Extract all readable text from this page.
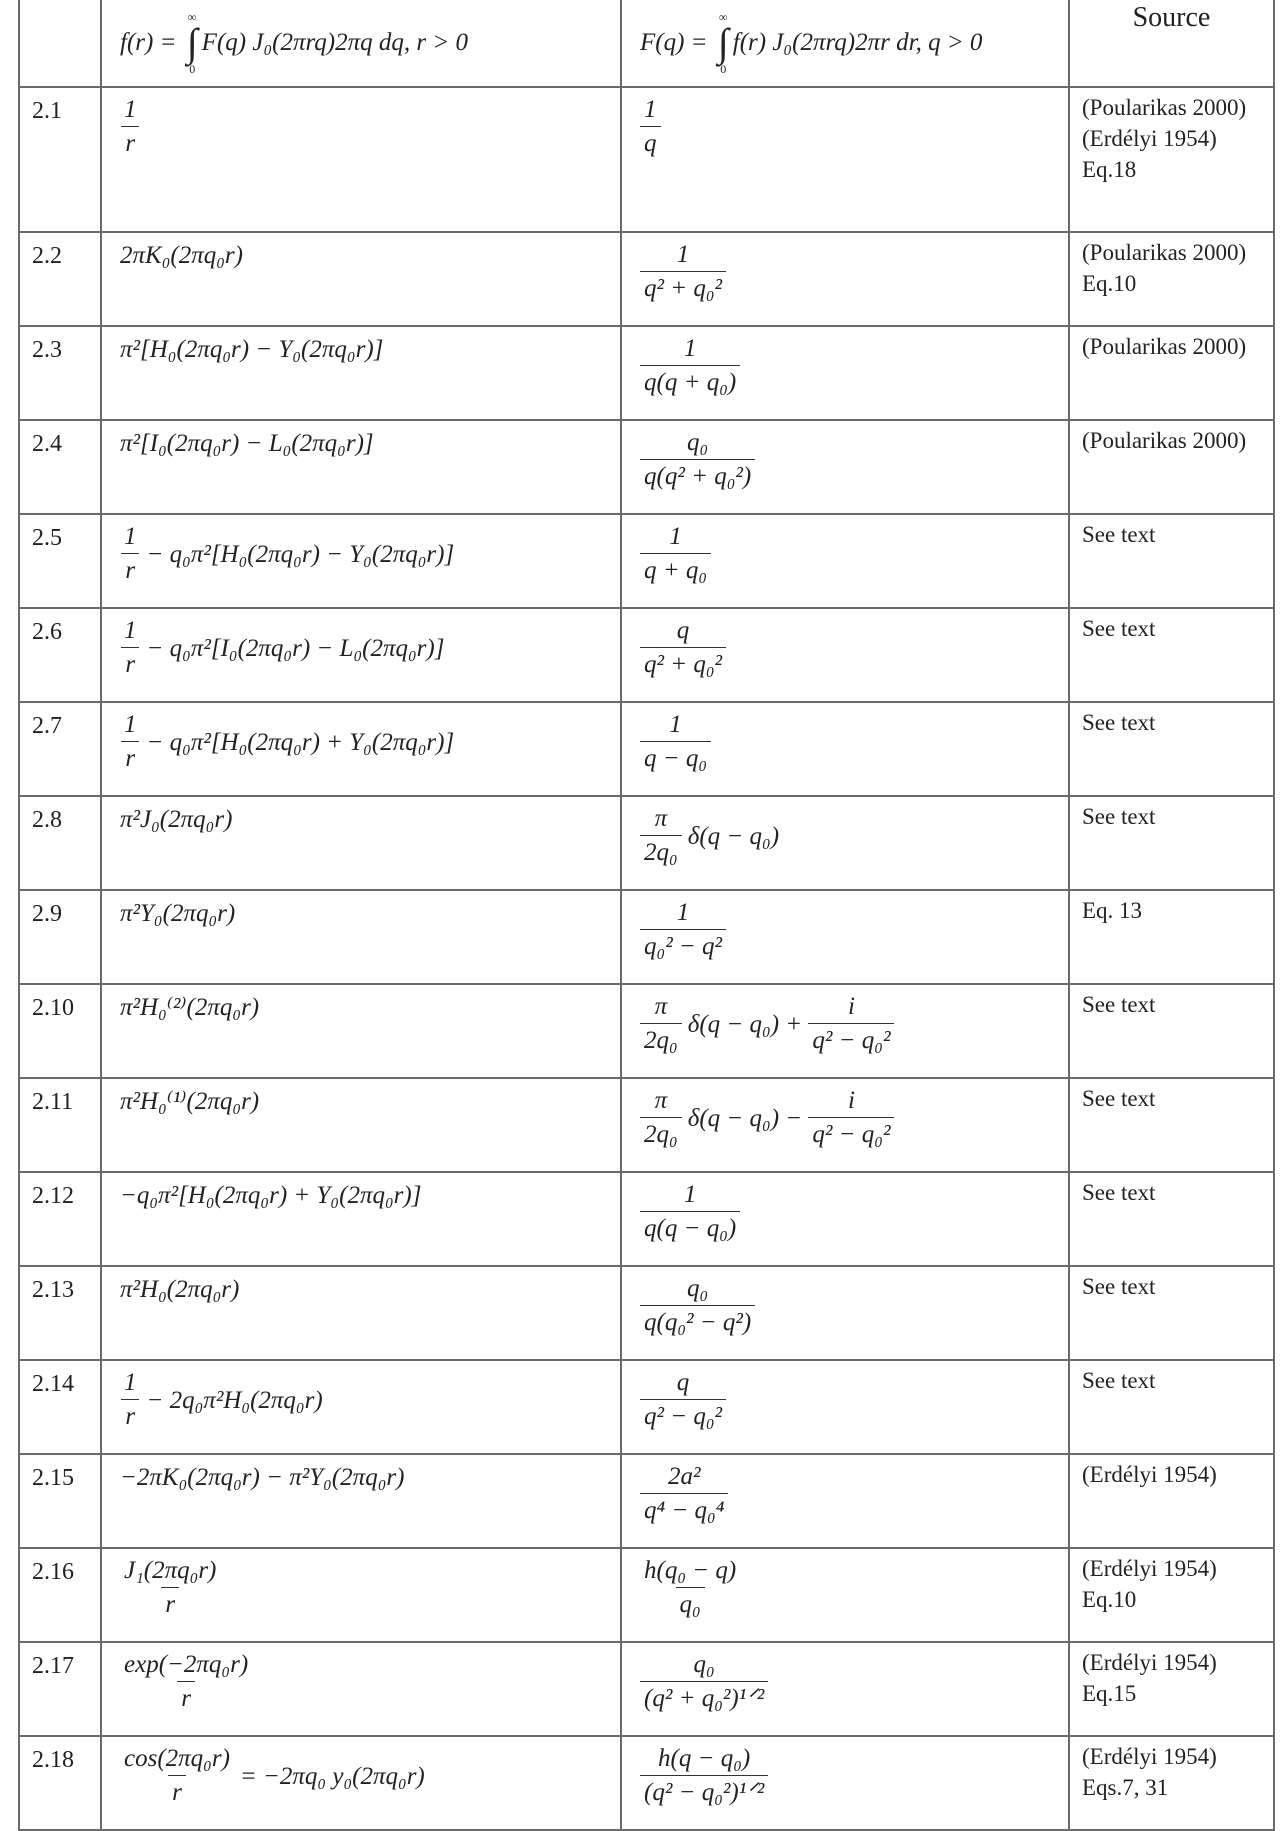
	f(r) =
∞
∫
0
F(q) J₀(2πrq)2πq dq, r > 0	F(q) =
∞
∫
0
f(r) J₀(2πrq)2πr dr, q > 0	Source
2.1	$\frac{1}{r}$	$\frac{1}{q}$	(Poularikas 2000)
(Erdélyi 1954)
Eq.18
2.2	2πK₀(2πq₀r)	$\frac{1}{\text{q² + q₀²}}$	(Poularikas 2000) Eq.10
2.3	π²[H₀(2πq₀r) − Y₀(2πq₀r)]	$\frac{1}{\text{q(q + q₀)}}$	(Poularikas 2000)
2.4	π²[I₀(2πq₀r) − L₀(2πq₀r)]	$\frac{\text{q₀}}{\text{q(q² + q₀²)}}$	(Poularikas 2000)
2.5	$\frac{1}{r} - q_0\pi^2[H_0(2\pi q_0r) - Y_0(2\pi q_0r)]$	$\frac{1}{\text{q + q₀}}$	See text
2.6	$\frac{1}{r} - q_0\pi^2[I_0(2\pi q_0r) - L_0(2\pi q_0r)]$	$\frac{q}{\text{q² + q₀²}}$	See text
2.7	$\frac{1}{r} - q_0\pi^2[H_0(2\pi q_0r) + Y_0(2\pi q_0r)]$	$\frac{1}{\text{q − q₀}}$	See text
2.8	π²J₀(2πq₀r)	$\frac{\pi}{\text{2q₀}} \delta(q - q_0)$	See text
2.9	π²Y₀(2πq₀r)	$\frac{1}{\text{q₀² − q²}}$	Eq. 13
2.10	π²H₀⁽²⁾(2πq₀r)	$\frac{\pi}{\text{2q₀}} \delta(q - q_0) + \frac{i}{\text{q² − q₀²}}$	See text
2.11	π²H₀⁽¹⁾(2πq₀r)	$\frac{\pi}{\text{2q₀}} \delta(q - q_0) - \frac{i}{\text{q² − q₀²}}$	See text
2.12	−q₀π²[H₀(2πq₀r) + Y₀(2πq₀r)]	$\frac{1}{\text{q(q − q₀)}}$	See text
2.13	π²H₀(2πq₀r)	$\frac{\text{q₀}}{\text{q(q₀² − q²)}}$	See text
2.14	$\frac{1}{r} - 2q_0\pi^2H_0(2\pi q_0r)$	$\frac{q}{\text{q² − q₀²}}$	See text
2.15	−2πK₀(2πq₀r) − π²Y₀(2πq₀r)	$\frac{\text{2a²}}{\text{q⁴ − q₀⁴}}$	(Erdélyi 1954)
2.16	$\frac{\text{J₁(2πq₀r)}}{r}$	$\frac{\text{h(q₀ − q)}}{\text{q₀}}$	(Erdélyi 1954) Eq.10
2.17	$\frac{\text{exp(−2πq₀r)}}{r}$	$\frac{\text{q₀}}{\text{(q² + q₀²)¹ᐟ²}}$	(Erdélyi 1954) Eq.15
2.18	$\frac{\text{cos(2πq₀r)}}{r} = -2\pi q_0$ y₀(2πq₀r)	$\frac{\text{h(q − q₀)}}{\text{(q² − q₀²)¹ᐟ²}}$	(Erdélyi 1954) Eqs.7, 31
